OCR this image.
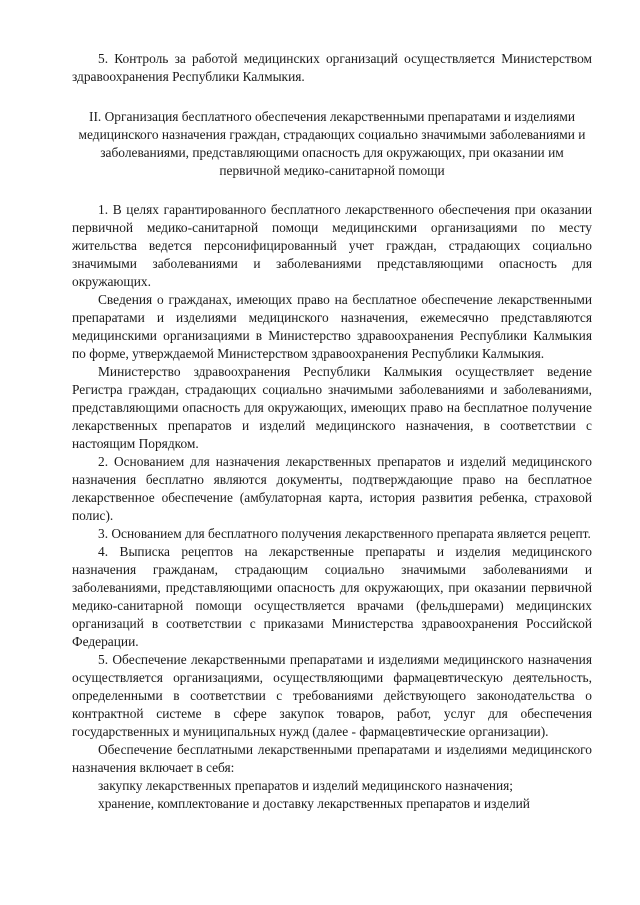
5. Контроль за работой медицинских организаций осуществляется Министерством здравоохранения Республики Калмыкия.

II. Организация бесплатного обеспечения лекарственными препаратами и изделиями медицинского назначения граждан, страдающих социально значимыми заболеваниями и заболеваниями, представляющими опасность для окружающих, при оказании им первичной медико-санитарной помощи

1. В целях гарантированного бесплатного лекарственного обеспечения при оказании первичной медико-санитарной помощи медицинскими организациями по месту жительства ведется персонифицированный учет граждан, страдающих социально значимыми заболеваниями и заболеваниями представляющими опасность для окружающих.

Сведения о гражданах, имеющих право на бесплатное обеспечение лекарственными препаратами и изделиями медицинского назначения, ежемесячно представляются медицинскими организациями в Министерство здравоохранения Республики Калмыкия по форме, утверждаемой Министерством здравоохранения Республики Калмыкия.

Министерство здравоохранения Республики Калмыкия осуществляет ведение Регистра граждан, страдающих социально значимыми заболеваниями и заболеваниями, представляющими опасность для окружающих, имеющих право на бесплатное получение лекарственных препаратов и изделий медицинского назначения, в соответствии с настоящим Порядком.

2. Основанием для назначения лекарственных препаратов и изделий медицинского назначения бесплатно являются документы, подтверждающие право на бесплатное лекарственное обеспечение (амбулаторная карта, история развития ребенка, страховой полис).

3. Основанием для бесплатного получения лекарственного препарата является рецепт.

4. Выписка рецептов на лекарственные препараты и изделия медицинского назначения гражданам, страдающим социально значимыми заболеваниями и заболеваниями, представляющими опасность для окружающих, при оказании первичной медико-санитарной помощи осуществляется врачами (фельдшерами) медицинских организаций в соответствии с приказами Министерства здравоохранения Российской Федерации.

5. Обеспечение лекарственными препаратами и изделиями медицинского назначения осуществляется организациями, осуществляющими фармацевтическую деятельность, определенными в соответствии с требованиями действующего законодательства о контрактной системе в сфере закупок товаров, работ, услуг для обеспечения государственных и муниципальных нужд (далее - фармацевтические организации).

Обеспечение бесплатными лекарственными препаратами и изделиями медицинского назначения включает в себя:

закупку лекарственных препаратов и изделий медицинского назначения;

хранение, комплектование и доставку лекарственных препаратов и изделий
